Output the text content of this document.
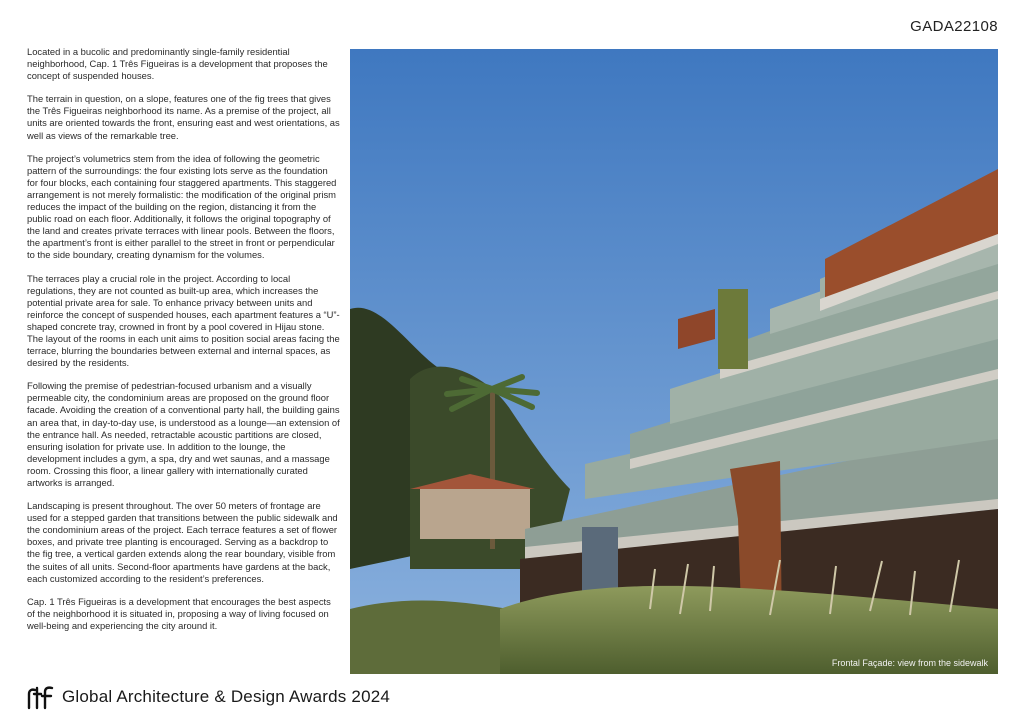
GADA22108

Located in a bucolic and predominantly single-family residential neighborhood, Cap. 1 Três Figueiras is a development that proposes the concept of suspended houses.

The terrain in question, on a slope, features one of the fig trees that gives the Três Figueiras neighborhood its name. As a premise of the project, all units are oriented towards the front, ensuring east and west orientations, as well as views of the remarkable tree.

The project’s volumetrics stem from the idea of following the geometric pattern of the surroundings: the four existing lots serve as the foundation for four blocks, each containing four staggered apartments. This staggered arrangement is not merely formalistic: the modification of the original prism reduces the impact of the building on the region, distancing it from the public road on each floor. Additionally, it follows the original topography of the land and creates private terraces with linear pools. Between the floors, the apartment’s front is either parallel to the street in front or perpendicular to the side boundary, creating dynamism for the volumes.

The terraces play a crucial role in the project. According to local regulations, they are not counted as built-up area, which increases the potential private area for sale. To enhance privacy between units and reinforce the concept of suspended houses, each apartment features a “U”-shaped concrete tray, crowned in front by a pool covered in Hijau stone. The layout of the rooms in each unit aims to position social areas facing the terrace, blurring the boundaries between external and internal spaces, as desired by the residents.

Following the premise of pedestrian-focused urbanism and a visually permeable city, the condominium areas are proposed on the ground floor facade. Avoiding the creation of a conventional party hall, the building gains an area that, in day-to-day use, is understood as a lounge—an extension of the entrance hall. As needed, retractable acoustic partitions are closed, ensuring isolation for private use. In addition to the lounge, the development includes a gym, a spa, dry and wet saunas, and a massage room. Crossing this floor, a linear gallery with internationally curated artworks is arranged.

Landscaping is present throughout. The over 50 meters of frontage are used for a stepped garden that transitions between the public sidewalk and the condominium areas of the project. Each terrace features a set of flower boxes, and private tree planting is encouraged. Serving as a backdrop to the fig tree, a vertical garden extends along the rear boundary, visible from the suites of all units. Second-floor apartments have gardens at the back, each customized according to the resident’s preferences.

Cap. 1 Três Figueiras is a development that encourages the best aspects of the neighborhood it is situated in, proposing a way of living focused on well-being and experiencing the city around it.

Frontal Façade: view from the sidewalk
Global Architecture & Design Awards 2024
